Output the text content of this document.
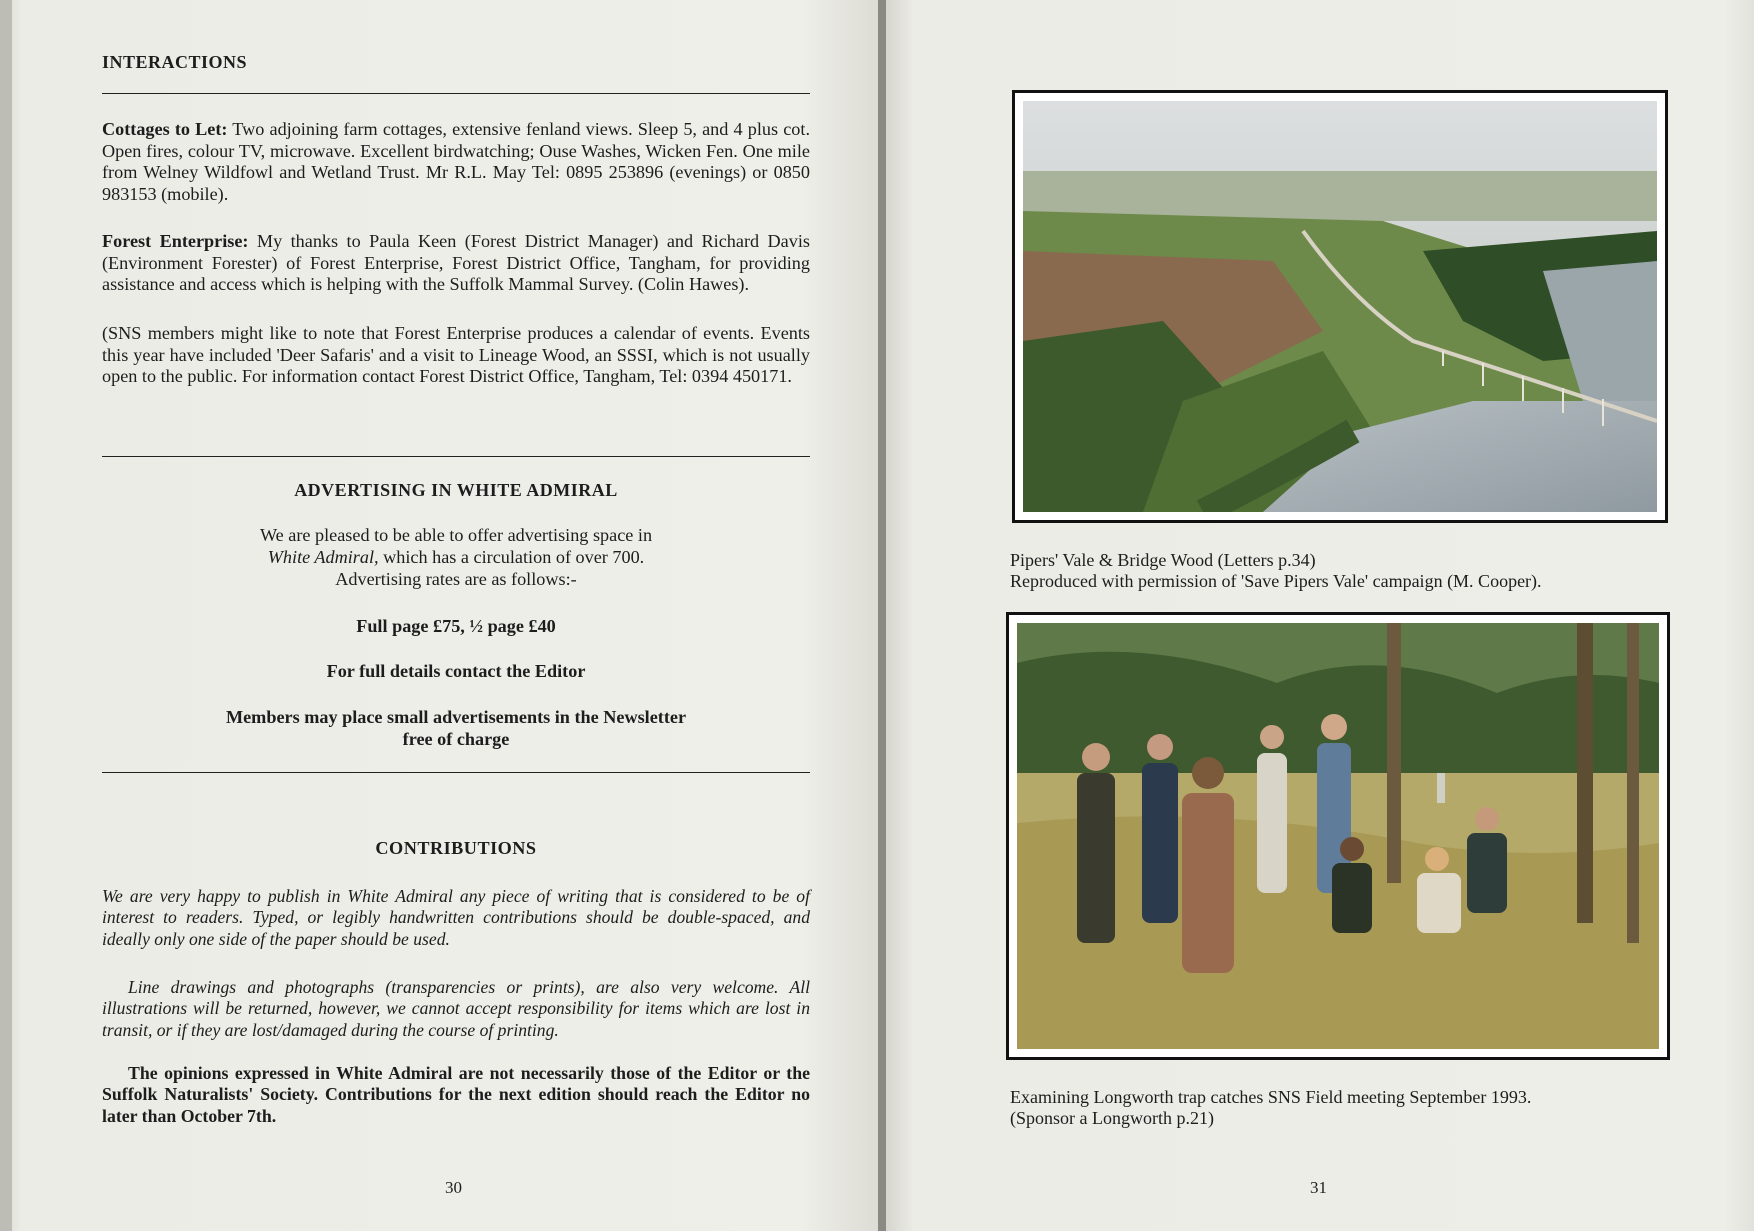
INTERACTIONS
Cottages to Let: Two adjoining farm cottages, extensive fenland views. Sleep 5, and 4 plus cot. Open fires, colour TV, microwave. Excellent birdwatching; Ouse Washes, Wicken Fen. One mile from Welney Wildfowl and Wetland Trust. Mr R.L. May Tel: 0895 253896 (evenings) or 0850 983153 (mobile).
Forest Enterprise: My thanks to Paula Keen (Forest District Manager) and Richard Davis (Environment Forester) of Forest Enterprise, Forest District Office, Tangham, for providing assistance and access which is helping with the Suffolk Mammal Survey. (Colin Hawes).
(SNS members might like to note that Forest Enterprise produces a calendar of events. Events this year have included 'Deer Safaris' and a visit to Lineage Wood, an SSSI, which is not usually open to the public. For information contact Forest District Office, Tangham, Tel: 0394 450171.
ADVERTISING IN WHITE ADMIRAL
We are pleased to be able to offer advertising space in
White Admiral, which has a circulation of over 700.
Advertising rates are as follows:-
Full page £75, ½ page £40
For full details contact the Editor
Members may place small advertisements in the Newsletter
free of charge
CONTRIBUTIONS
We are very happy to publish in White Admiral any piece of writing that is considered to be of interest to readers. Typed, or legibly handwritten contributions should be double-spaced, and ideally only one side of the paper should be used.
Line drawings and photographs (transparencies or prints), are also very welcome. All illustrations will be returned, however, we cannot accept responsibility for items which are lost in transit, or if they are lost/damaged during the course of printing.
The opinions expressed in White Admiral are not necessarily those of the Editor or the Suffolk Naturalists' Society. Contributions for the next edition should reach the Editor no later than October 7th.
30
Pipers' Vale & Bridge Wood (Letters p.34)
Reproduced with permission of 'Save Pipers Vale' campaign (M. Cooper).
Examining Longworth trap catches SNS Field meeting September 1993.
(Sponsor a Longworth p.21)
31
